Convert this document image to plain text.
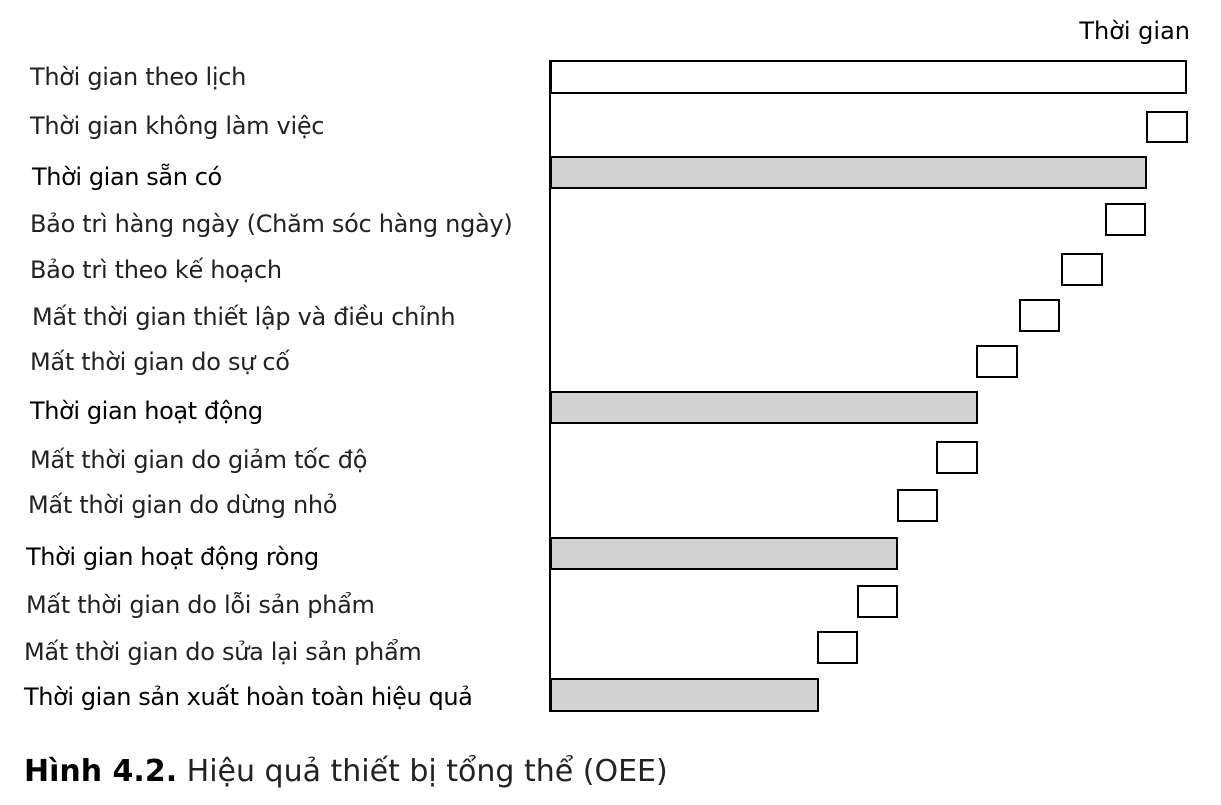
Thời gian
Thời gian theo lịch
Thời gian không làm việc
Thời gian sẵn có
Bảo trì hàng ngày (Chăm sóc hàng ngày)
Bảo trì theo kế hoạch
Mất thời gian thiết lập và điều chỉnh
Mất thời gian do sự cố
Thời gian hoạt động
Mất thời gian do giảm tốc độ
Mất thời gian do dừng nhỏ
Thời gian hoạt động ròng
Mất thời gian do lỗi sản phẩm
Mất thời gian do sửa lại sản phẩm
Thời gian sản xuất hoàn toàn hiệu quả
Hình 4.2. Hiệu quả thiết bị tổng thể (OEE)
